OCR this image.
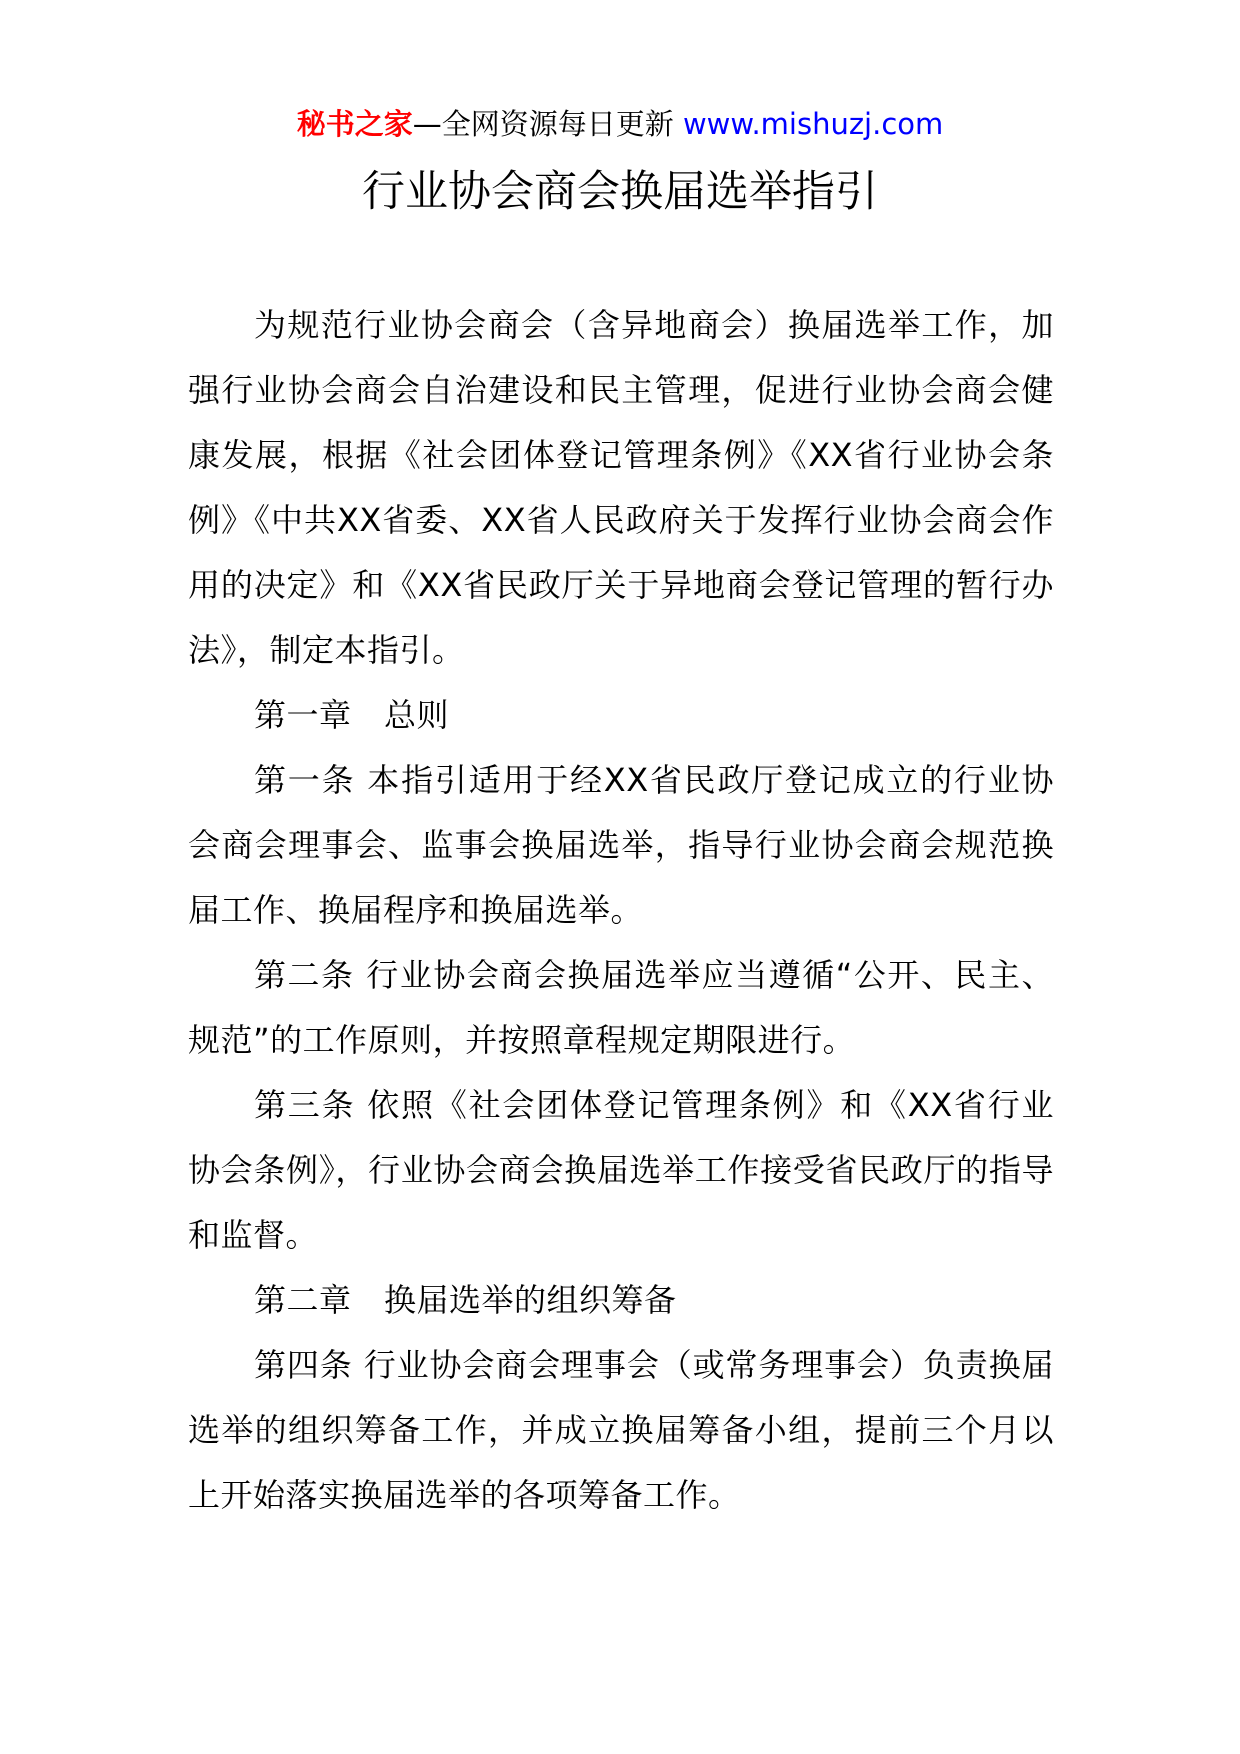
秘书之家—全网资源每日更新 www.mishuzj.com
行业协会商会换届选举指引

为规范行业协会商会（含异地商会）换届选举工作，加强行业协会商会自治建设和民主管理，促进行业协会商会健康发展，根据《社会团体登记管理条例》《XX省行业协会条例》《中共XX省委、XX省人民政府关于发挥行业协会商会作用的决定》和《XX省民政厅关于异地商会登记管理的暂行办法》，制定本指引。

第一章　总则

第一条 本指引适用于经XX省民政厅登记成立的行业协会商会理事会、监事会换届选举，指导行业协会商会规范换届工作、换届程序和换届选举。

第二条 行业协会商会换届选举应当遵循“公开、民主、规范”的工作原则，并按照章程规定期限进行。

第三条 依照《社会团体登记管理条例》和《XX省行业协会条例》，行业协会商会换届选举工作接受省民政厅的指导和监督。

第二章　换届选举的组织筹备

第四条 行业协会商会理事会（或常务理事会）负责换届选举的组织筹备工作，并成立换届筹备小组，提前三个月以上开始落实换届选举的各项筹备工作。
